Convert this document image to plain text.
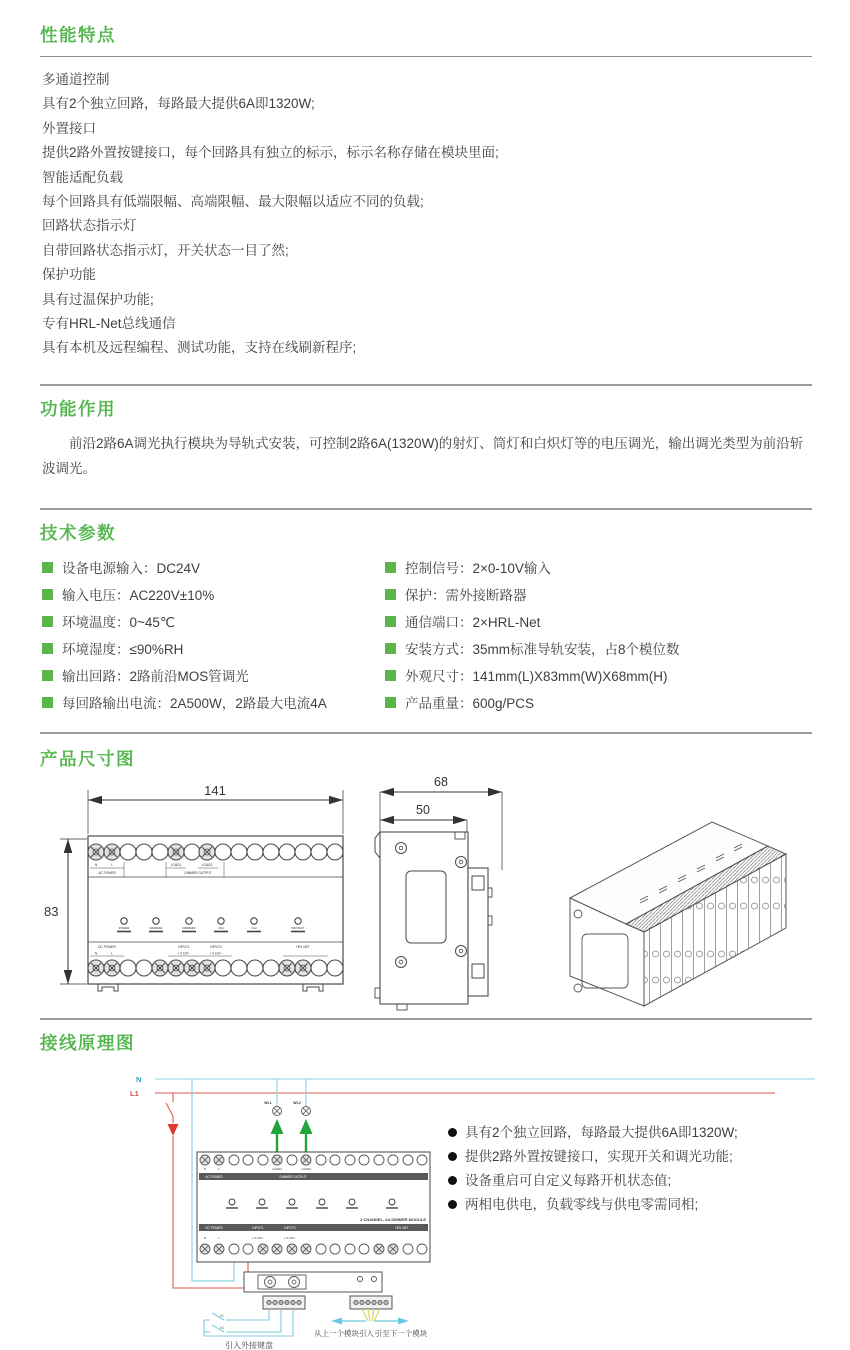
性能特点
多通道控制
具有2个独立回路，每路最大提供6A即1320W;
外置接口
提供2路外置按键接口，每个回路具有独立的标示，标示名称存储在模块里面;
智能适配负载
每个回路具有低端限幅、高端限幅、最大限幅以适应不同的负载;
回路状态指示灯
自带回路状态指示灯，开关状态一目了然;
保护功能
具有过温保护功能;
专有HRL-Net总线通信
具有本机及远程编程、测试功能，支持在线刷新程序;
功能作用
前沿2路6A调光执行模块为导轨式安装，可控制2路6A(1320W)的射灯、筒灯和白炽灯等的电压调光，输出调光类型为前沿斩波调光。
技术参数
设备电源输入：DC24V
输入电压：AC220V±10%
环境温度：0~45℃
环境湿度：≤90%RH
输出回路：2路前沿MOS管调光
每回路输出电流：2A500W，2路最大电流4A
控制信号：2×0-10V输入
保护：需外接断路器
通信端口：2×HRL-Net
安装方式：35mm标准导轨安装，占8个模位数
外观尺寸：141mm(L)X83mm(W)X68mm(H)
产品重量：600g/PCS
产品尺寸图
141
83
N	L	LOAD1	LOAD2
AC POWER	DIMMER OUTPUT
POWER	DIMMER1	DIMMER2	CH1	CH2	PROTECT
DC POWER	INPUT1	INPUT2	HRL NET
N	L	+ 0-10V -	+ 0-10V -
68
50
接线原理图
N
L1
WL1	WL2
N	L	LOAD1	LOAD2
AC POWER	DIMMER OUTPUT
2 CHANNEL, 6A DIMMER MODULE
DC POWER	INPUT1	INPUT2	HRL NET
N	L	+ 0-10V -	+ 0-10V -
K1
K2
引入外接键盘
从上一个模块引入 引至下一个模块
具有2个独立回路，每路最大提供6A即1320W;
提供2路外置按键接口，实现开关和调光功能;
设备重启可自定义每路开机状态值;
两相电供电，负载零线与供电零需同相;
